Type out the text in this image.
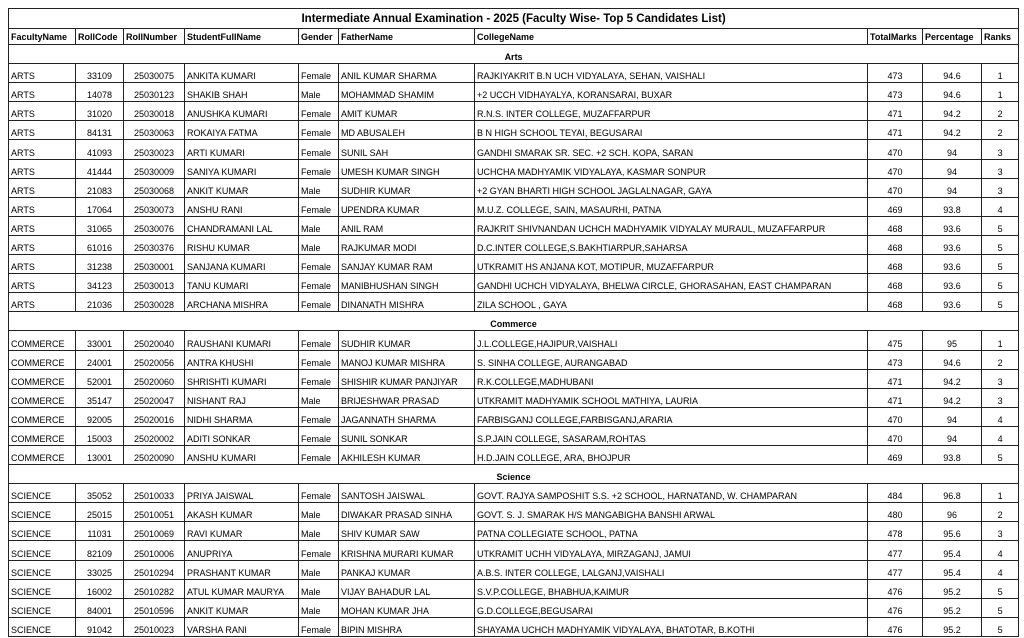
Intermediate Annual Examination - 2025 (Faculty Wise- Top 5 Candidates List)									
FacultyName	RollCode	RollNumber	StudentFullName	Gender	FatherName	CollegeName	TotalMarks	Percentage	Ranks
Arts									
ARTS	33109	25030075	ANKITA KUMARI	Female	ANIL KUMAR SHARMA	RAJKIYAKRIT B.N UCH VIDYALAYA, SEHAN, VAISHALI	473	94.6	1
ARTS	14078	25030123	SHAKIB SHAH	Male	MOHAMMAD SHAMIM	+2 UCCH VIDHAYALYA, KORANSARAI, BUXAR	473	94.6	1
ARTS	31020	25030018	ANUSHKA KUMARI	Female	AMIT KUMAR	R.N.S. INTER COLLEGE, MUZAFFARPUR	471	94.2	2
ARTS	84131	25030063	ROKAIYA FATMA	Female	MD ABUSALEH	B N HIGH SCHOOL TEYAI, BEGUSARAI	471	94.2	2
ARTS	41093	25030023	ARTI KUMARI	Female	SUNIL SAH	GANDHI SMARAK SR. SEC. +2 SCH. KOPA, SARAN	470	94	3
ARTS	41444	25030009	SANIYA KUMARI	Female	UMESH KUMAR SINGH	UCHCHA MADHYAMIK VIDYALAYA, KASMAR SONPUR	470	94	3
ARTS	21083	25030068	ANKIT KUMAR	Male	SUDHIR KUMAR	+2 GYAN BHARTI HIGH SCHOOL JAGLALNAGAR, GAYA	470	94	3
ARTS	17064	25030073	ANSHU RANI	Female	UPENDRA KUMAR	M.U.Z. COLLEGE, SAIN, MASAURHI, PATNA	469	93.8	4
ARTS	31065	25030076	CHANDRAMANI LAL	Male	ANIL RAM	RAJKRIT SHIVNANDAN UCHCH MADHYAMIK VIDYALAY MURAUL, MUZAFFARPUR	468	93.6	5
ARTS	61016	25030376	RISHU KUMAR	Male	RAJKUMAR MODI	D.C.INTER COLLEGE,S.BAKHTIARPUR,SAHARSA	468	93.6	5
ARTS	31238	25030001	SANJANA KUMARI	Female	SANJAY KUMAR RAM	UTKRAMIT HS ANJANA KOT, MOTIPUR, MUZAFFARPUR	468	93.6	5
ARTS	34123	25030013	TANU KUMARI	Female	MANIBHUSHAN SINGH	GANDHI UCHCH VIDYALAYA, BHELWA CIRCLE, GHORASAHAN, EAST CHAMPARAN	468	93.6	5
ARTS	21036	25030028	ARCHANA MISHRA	Female	DINANATH MISHRA	ZILA SCHOOL , GAYA	468	93.6	5
Commerce									
COMMERCE	33001	25020040	RAUSHANI KUMARI	Female	SUDHIR KUMAR	J.L.COLLEGE,HAJIPUR,VAISHALI	475	95	1
COMMERCE	24001	25020056	ANTRA KHUSHI	Female	MANOJ KUMAR MISHRA	S. SINHA COLLEGE, AURANGABAD	473	94.6	2
COMMERCE	52001	25020060	SHRISHTI KUMARI	Female	SHISHIR KUMAR PANJIYAR	R.K.COLLEGE,MADHUBANI	471	94.2	3
COMMERCE	35147	25020047	NISHANT RAJ	Male	BRIJESHWAR PRASAD	UTKRAMIT MADHYAMIK SCHOOL MATHIYA, LAURIA	471	94.2	3
COMMERCE	92005	25020016	NIDHI SHARMA	Female	JAGANNATH SHARMA	FARBISGANJ COLLEGE,FARBISGANJ,ARARIA	470	94	4
COMMERCE	15003	25020002	ADITI SONKAR	Female	SUNIL SONKAR	S.P.JAIN COLLEGE, SASARAM,ROHTAS	470	94	4
COMMERCE	13001	25020090	ANSHU KUMARI	Female	AKHILESH KUMAR	H.D.JAIN COLLEGE, ARA, BHOJPUR	469	93.8	5
Science									
SCIENCE	35052	25010033	PRIYA JAISWAL	Female	SANTOSH JAISWAL	GOVT. RAJYA SAMPOSHIT S.S. +2 SCHOOL, HARNATAND, W. CHAMPARAN	484	96.8	1
SCIENCE	25015	25010051	AKASH KUMAR	Male	DIWAKAR PRASAD SINHA	GOVT. S. J. SMARAK H/S MANGABIGHA BANSHI ARWAL	480	96	2
SCIENCE	11031	25010069	RAVI KUMAR	Male	SHIV KUMAR SAW	PATNA COLLEGIATE SCHOOL, PATNA	478	95.6	3
SCIENCE	82109	25010006	ANUPRIYA	Female	KRISHNA MURARI KUMAR	UTKRAMIT UCHH VIDYALAYA, MIRZAGANJ, JAMUI	477	95.4	4
SCIENCE	33025	25010294	PRASHANT KUMAR	Male	PANKAJ KUMAR	A.B.S. INTER COLLEGE, LALGANJ,VAISHALI	477	95.4	4
SCIENCE	16002	25010282	ATUL KUMAR MAURYA	Male	VIJAY BAHADUR LAL	S.V.P.COLLEGE, BHABHUA,KAIMUR	476	95.2	5
SCIENCE	84001	25010596	ANKIT KUMAR	Male	MOHAN KUMAR JHA	G.D.COLLEGE,BEGUSARAI	476	95.2	5
SCIENCE	91042	25010023	VARSHA RANI	Female	BIPIN MISHRA	SHAYAMA UCHCH MADHYAMIK VIDYALAYA, BHATOTAR, B.KOTHI	476	95.2	5
